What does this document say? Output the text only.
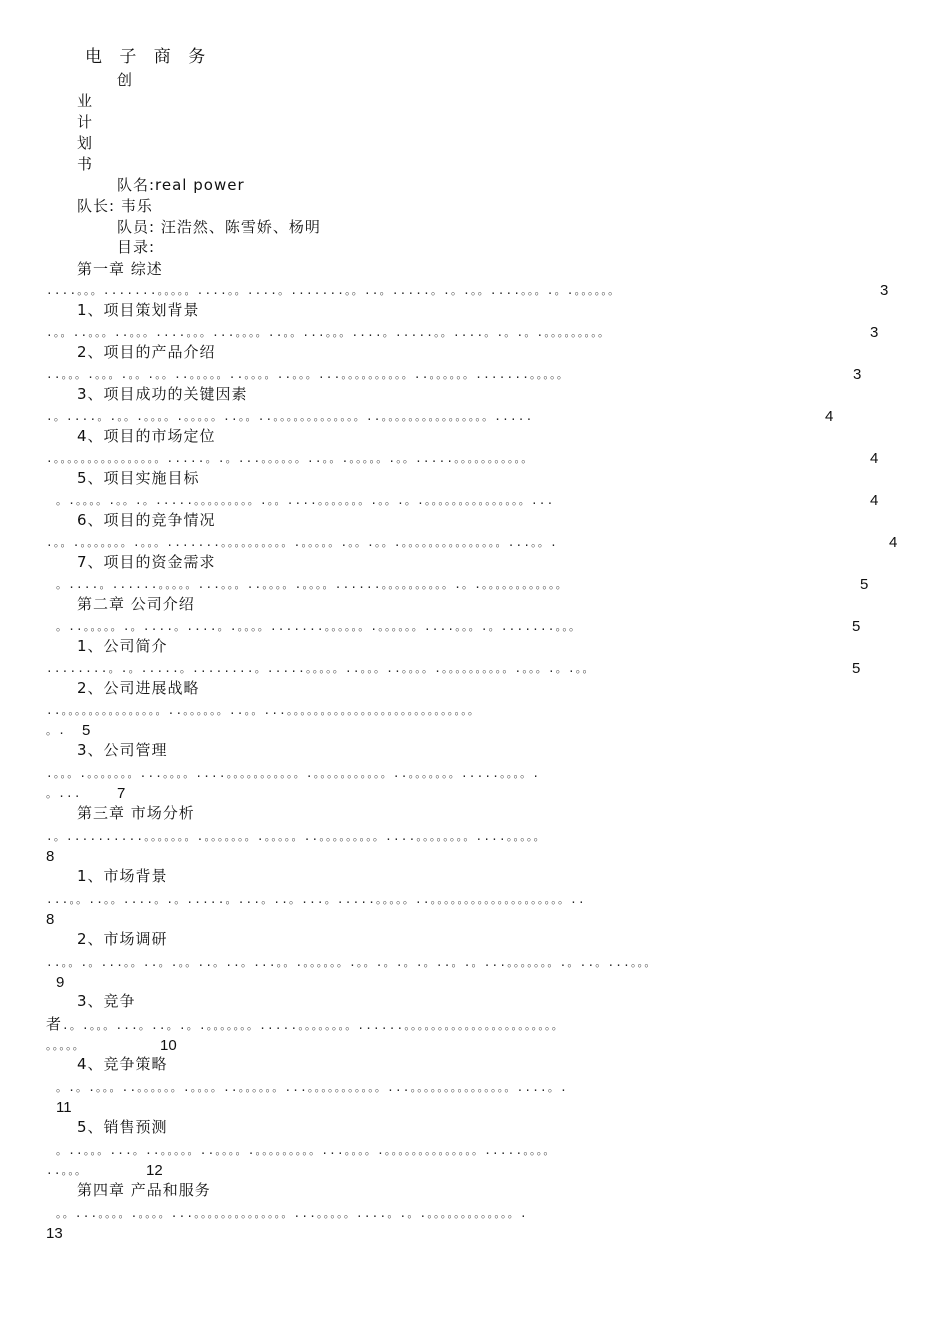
电 子 商 务
创
业
计
划
书
队名:real power
队长: 韦乐
队员: 汪浩然、陈雪娇、杨明
目录:
第一章 综述
....。。。.......。。。。。....。。....。.......。。..。.....。.。.。。....。。。.。.。。。。。。	3
1、项目策划背景
.。。..。。。..。。。....。。。...。。。。..。。...。。。....。.....。。....。.。.。.。。。。。。。。。	3
2、项目的产品介绍
..。。。.。。。.。。.。。..。。。。。..。。。。..。。。...。。。。。。。。。。..。。。。。。.......。。。。。	3
3、项目成功的关键因素
.。....。.。。.。。。。.。。。。。..。。..。。。。。。。。。。。。。..。。。。。。。。。。。。。。。。.....	4
4、项目的市场定位
.。。。。。。。。。。。。。。。。.....。.。...。。。。。。..。。.。。。。。.。。.....。。。。。。。。。。。	4
5、项目实施目标
。.。。。。.。。.。.....。。。。。。。。。.。。....。。。。。。。.。。.。.。。。。。。。。。。。。。。。...	4
6、项目的竞争情况
.。。.。。。。。。。.。。。.......。。。。。。。。。。.。。。。。.。。.。。.。。。。。。。。。。。。。。。...。。.	4
7、项目的资金需求
。....。......。。。。。...。。。..。。。。.。。。。......。。。。。。。。。。.。.。。。。。。。。。。。。	5
第二章 公司介绍
。..。。。。。.。....。....。.。。。。.......。。。。。。.。。。。。。....。。。.。.......。。。	5
1、公司简介
........。.。.....。........。.....。。。。。..。。。..。。。。.。。。。。。。。。。.。。。.。.。。	5
2、公司进展战略
..。。。。。。。。。。。。。。。..。。。。。。..。。...。。。。。。。。。。。。。。。。。。。。。。。。。。。。
。. 5
3、公司管理
.。。。.。。。。。。。...。。。。....。。。。。。。。。。。.。。。。。。。。。。。..。。。。。。。.....。。。。.
。... 7
第三章 市场分析
.。..........。。。。。。。.。。。。。。。.。。。。。..。。。。。。。。。....。。。。。。。。....。。。。。
8
1、市场背景
...。。..。。....。.。.....。...。..。...。.....。。。。。..。。。。。。。。。。。。。。。。。。。。..
8
2、市场调研
..。。.。...。。..。.。。..。..。...。。.。。。。。。.。。.。.。.。..。.。...。。。。。。。.。..。...。。。
9
3、竞争
者 .。.。。。...。..。.。.。。。。。。。.....。。。。。。。。......。。。。。。。。。。。。。。。。。。。。。。。
。。。。。	10
4、竞争策略
。.。.。。。..。。。。。。.。。。。..。。。。。。...。。。。。。。。。。。...。。。。。。。。。。。。。。。....。.
11
5、销售预测
。..。。。...。..。。。。。..。。。。.。。。。。。。。。...。。。。.。。。。。。。。。。。。。。.....。。。。
..。。。	12
第四章 产品和服务
。。...。。。。.。。。。...。。。。。。。。。。。。。。...。。。。。....。.。.。。。。。。。。。。。。。.
13
